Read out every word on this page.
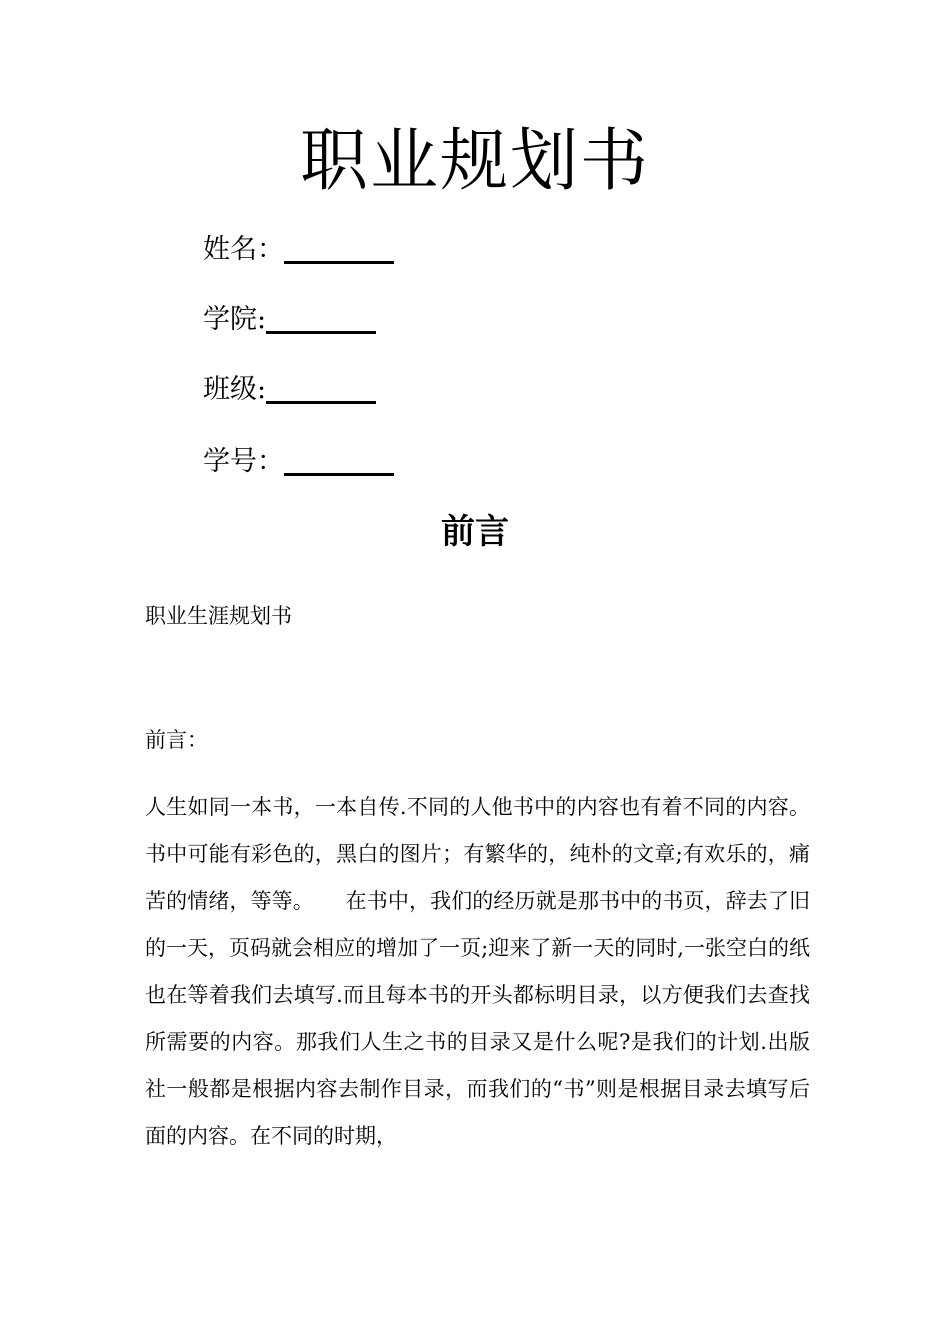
职业规划书
姓名：
学院:
班级:
学号：
前言
职业生涯规划书
前言：

人生如同一本书，一本自传.不同的人他书中的内容也有着不同的内容。书中可能有彩色的，黑白的图片；有繁华的，纯朴的文章;有欢乐的，痛苦的情绪，等等。　　在书中，我们的经历就是那书中的书页，辞去了旧的一天，页码就会相应的增加了一页;迎来了新一天的同时,一张空白的纸也在等着我们去填写.而且每本书的开头都标明目录，以方便我们去查找所需要的内容。那我们人生之书的目录又是什么呢?是我们的计划.出版社一般都是根据内容去制作目录，而我们的“书”则是根据目录去填写后面的内容。在不同的时期，
